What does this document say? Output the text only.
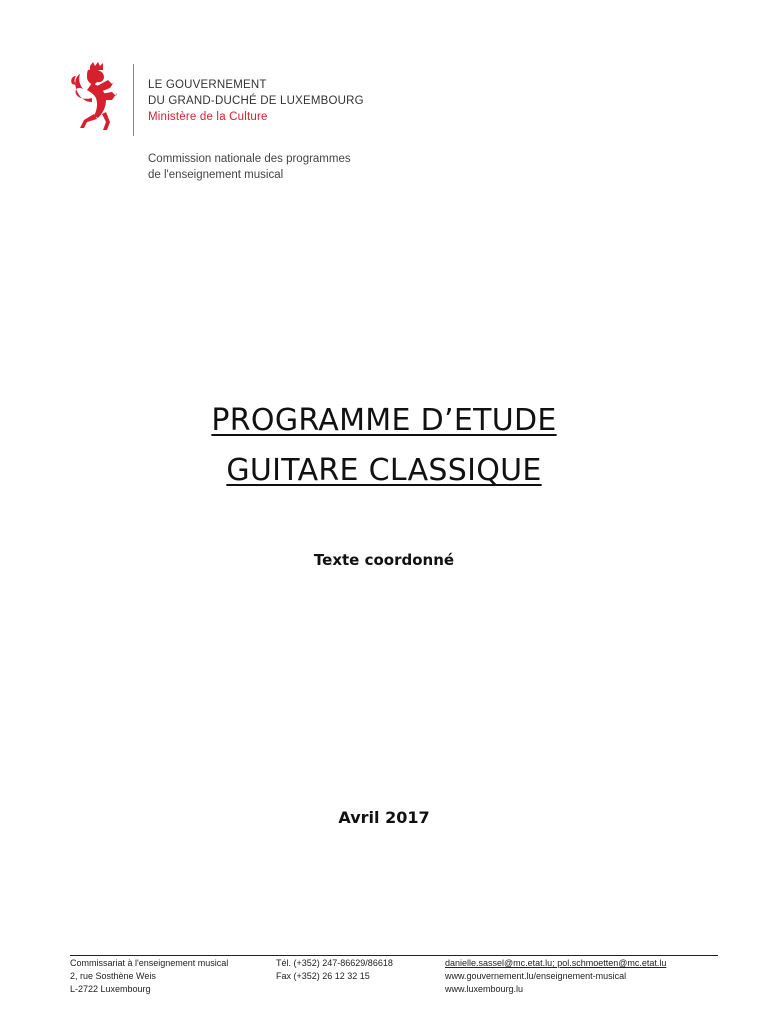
LE GOUVERNEMENT
DU GRAND-DUCHÉ DE LUXEMBOURG
Ministère de la Culture
Commission nationale des programmes
de l'enseignement musical
PROGRAMME D’ETUDE
GUITARE CLASSIQUE
Texte coordonné
Avril 2017
Commissariat à l'enseignement musical
2, rue Sosthène Weis
L-2722 Luxembourg
Tél. (+352) 247-86629/86618
Fax (+352) 26 12 32 15
danielle.sassel@mc.etat.lu; pol.schmoetten@mc.etat.lu
www.gouvernement.lu/enseignement-musical
www.luxembourg.lu
